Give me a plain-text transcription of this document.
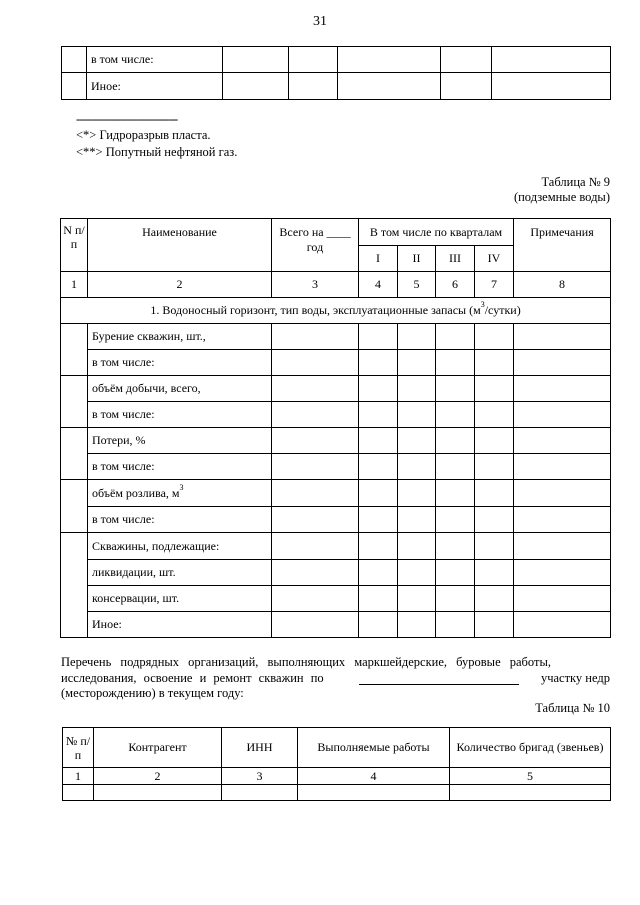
31
	в том числе:					
	Иное:					
--------------------------------
<*> Гидроразрыв пласта.
<**> Попутный нефтяной газ.
Таблица № 9
(подземные воды)
N п/п	Наименование	Всего на ____ год	В том числе по кварталам				Примечания
			I	II	III	IV	
1	2	3	4	5	6	7	8
1. Водоносный горизонт, тип воды, эксплуатационные запасы $(м^3/сутки)$							
	Бурение скважин, шт.,						
	в том числе:						
	объём добычи, всего,						
	в том числе:						
	Потери, %						
	в том числе:						
	объём розлива, $м^3$						
	в том числе:						
	Скважины, подлежащие:						
	ликвидации, шт.						
	консервации, шт.						
	Иное:						
Перечень подрядных организаций, выполняющих маркшейдерские, буровые работы,
исследования, освоение и ремонт скважин по	участку недр
(месторождению) в текущем году:
Таблица № 10
№ п/п	Контрагент	ИНН	Выполняемые работы	Количество бригад (звеньев)
1	2	3	4	5
